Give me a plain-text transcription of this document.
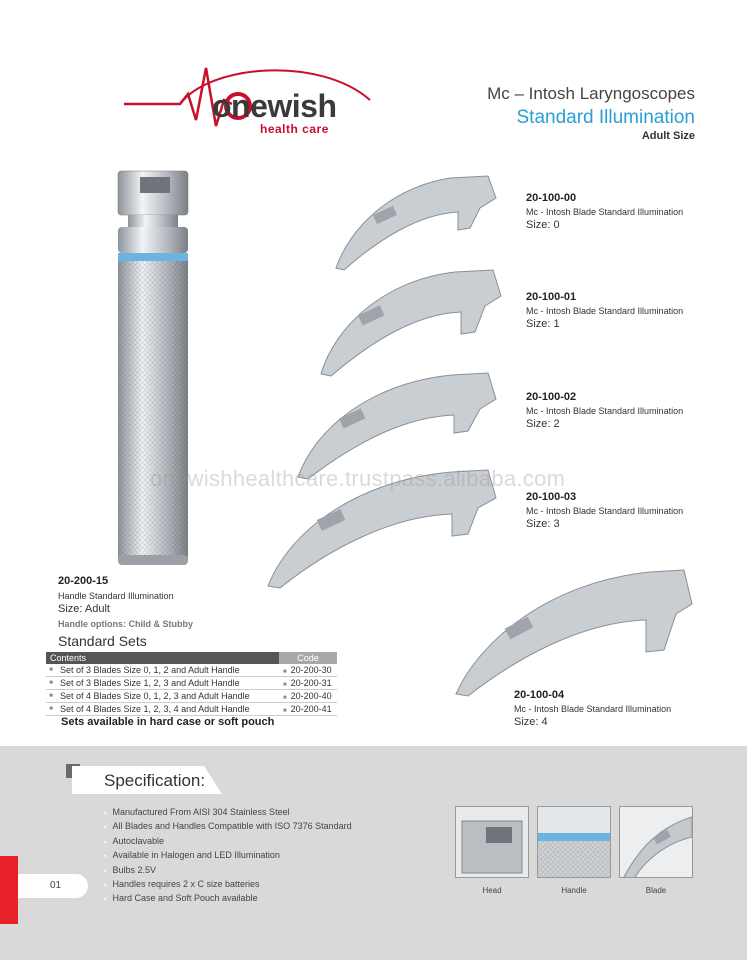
onewish
health care
Mc – Intosh Laryngoscopes
Standard Illumination
Adult Size
20-100-00
Mc - Intosh Blade Standard Illumination
Size: 0
20-100-01
Mc - Intosh Blade Standard Illumination
Size: 1
20-100-02
Mc - Intosh Blade Standard Illumination
Size: 2
20-100-03
Mc - Intosh Blade Standard Illumination
Size: 3
20-100-04
Mc - Intosh Blade Standard Illumination
Size: 4
onewishhealthcare.trustpass.alibaba.com
20-200-15
Handle Standard Illumination
Size: Adult
Handle options: Child & Stubby
Standard Sets
Contents		Code
■	Set of 3 Blades Size 0, 1, 2 and Adult Handle	■ 20-200-30
■	Set of 3 Blades Size 1, 2, 3 and Adult Handle	■ 20-200-31
■	Set of 4 Blades Size 0, 1, 2, 3 and Adult Handle	■ 20-200-40
■	Set of 4 Blades Size 1, 2, 3, 4 and Adult Handle	■ 20-200-41
Sets available in hard case or soft pouch
01
Specification:
▪ Manufactured From AISI 304 Stainless Steel
▪ All Blades and Handles Compatible with ISO 7376 Standard
▪ Autoclavable
▪ Available in Halogen and LED Illumination
▪ Bulbs 2.5V
▪ Handles requires 2 x C size batteries
▪ Hard Case and Soft Pouch available
Head	Handle	Blade
